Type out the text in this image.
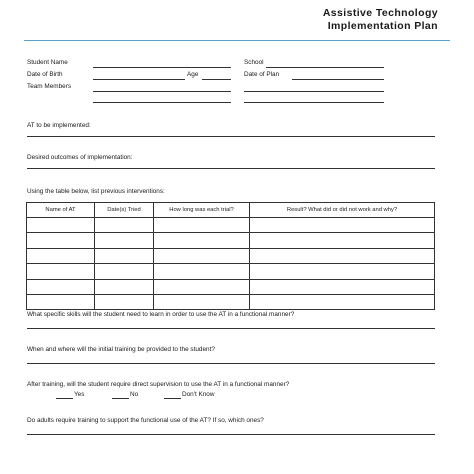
Assistive Technology
Implementation Plan
Student Name	School
Date of Birth	Age	Date of Plan
Team Members
AT to be implemented:
Desired outcomes of implementation:
Using the table below, list previous interventions:
Name of AT	Date(s) Tried	How long was each trial?	Result? What did or did not work and why?

What specific skills will the student need to learn in order to use the AT in a functional manner?
When and where will the initial training be provided to the student?
After training, will the student require direct supervision to use the AT in a functional manner?
Yes	No	Don't Know
Do adults require training to support the functional use of the AT? If so, which ones?
